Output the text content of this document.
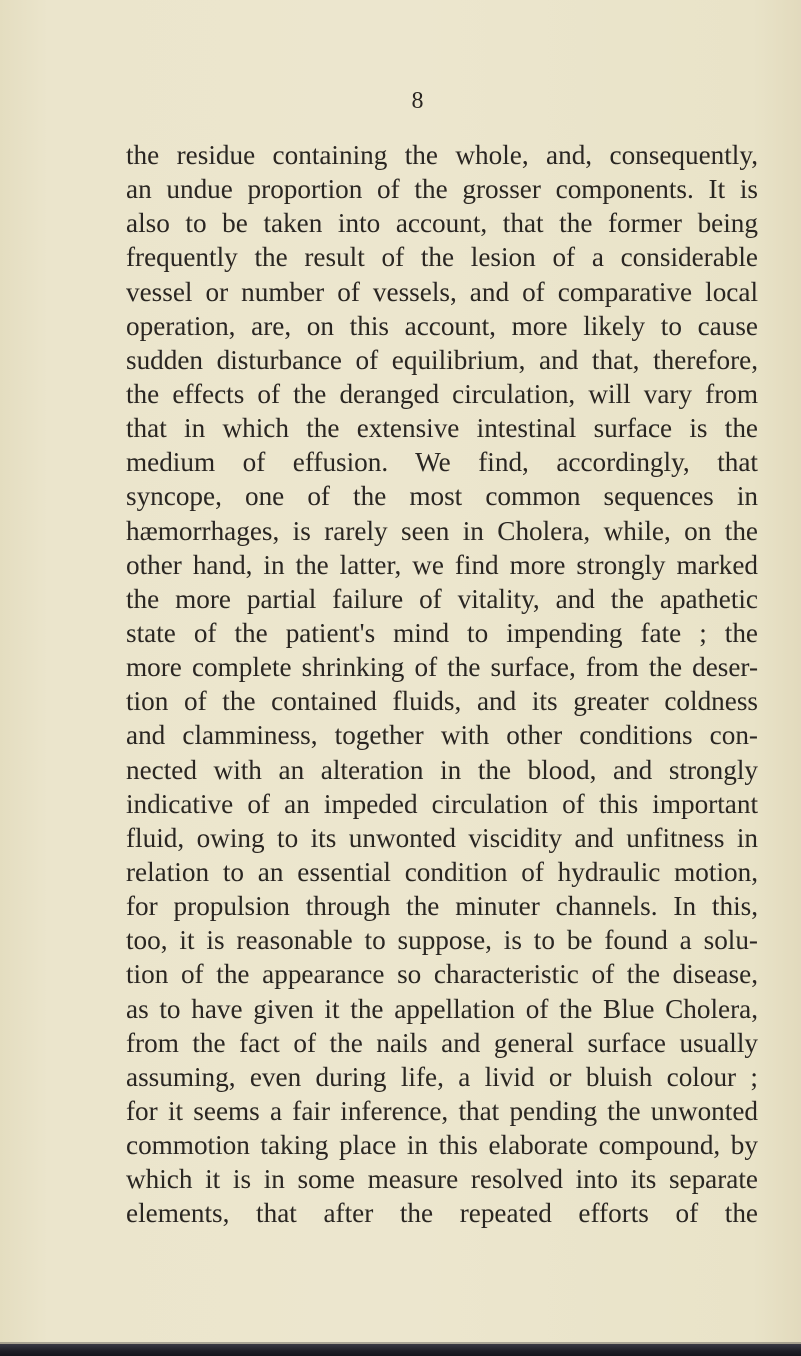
8
the residue containing the whole, and, consequently,
an undue proportion of the grosser components. It is
also to be taken into account, that the former being
frequently the result of the lesion of a considerable
vessel or number of vessels, and of comparative local
operation, are, on this account, more likely to cause
sudden disturbance of equilibrium, and that, therefore,
the effects of the deranged circulation, will vary from
that in which the extensive intestinal surface is the
medium of effusion. We find, accordingly, that
syncope, one of the most common sequences in
hæmorrhages, is rarely seen in Cholera, while, on the
other hand, in the latter, we find more strongly marked
the more partial failure of vitality, and the apathetic
state of the patient's mind to impending fate ; the
more complete shrinking of the surface, from the deser-
tion of the contained fluids, and its greater coldness
and clamminess, together with other conditions con-
nected with an alteration in the blood, and strongly
indicative of an impeded circulation of this important
fluid, owing to its unwonted viscidity and unfitness in
relation to an essential condition of hydraulic motion,
for propulsion through the minuter channels. In this,
too, it is reasonable to suppose, is to be found a solu-
tion of the appearance so characteristic of the disease,
as to have given it the appellation of the Blue Cholera,
from the fact of the nails and general surface usually
assuming, even during life, a livid or bluish colour ;
for it seems a fair inference, that pending the unwonted
commotion taking place in this elaborate compound, by
which it is in some measure resolved into its separate
elements, that after the repeated efforts of the
